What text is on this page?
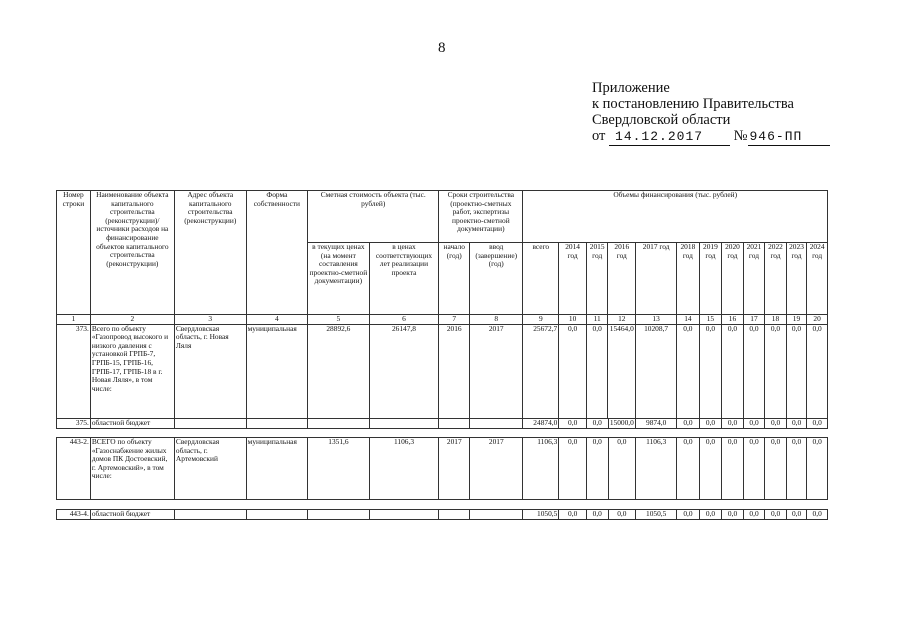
8
Приложение
к постановлению Правительства
Свердловской области
от 14.12.2017 № 946-ПП
Номер строки	Наименование объекта капитального строительства (реконструкции)/ источники расходов на финансирование объектов капитального строительства (реконструкции)	Адрес объекта капитального строительства (реконструкции)	Форма собственности	Сметная стоимость объекта (тыс. рублей)		Сроки строительства (проектно-сметных работ, экспертизы проектно-сметной документации)		Объемы финансирования (тыс. рублей)											
				в текущих ценах (на момент составления проектно-сметной документации)	в ценах соответствующих лет реализации проекта	начало (год)	ввод (завершение) (год)	всего	2014 год	2015 год	2016 год	2017 год	2018 год	2019 год	2020 год	2021 год	2022 год	2023 год	2024 год
1	2	3	4	5	6	7	8	9	10	11	12	13	14	15	16	17	18	19	20
373.	Всего по объекту «Газопровод высокого и низкого давления с установкой ГРПБ-7, ГРПБ-15, ГРПБ-16, ГРПБ-17, ГРПБ-18 в г. Новая Ляля», в том числе:	Свердловская область, г. Новая Ляля	муниципальная	28892,6	26147,8	2016	2017	25672,7	0,0	0,0	15464,0	10208,7	0,0	0,0	0,0	0,0	0,0	0,0	0,0
375.	областной бюджет							24874,0	0,0	0,0	15000,0	9874,0	0,0	0,0	0,0	0,0	0,0	0,0	0,0
443-2.	ВСЕГО по объекту «Газоснабжение жилых домов ПК Достоевский, г. Артемовский», в том числе:	Свердловская область, г. Артемовский	муниципальная	1351,6	1106,3	2017	2017	1106,3	0,0	0,0	0,0	1106,3	0,0	0,0	0,0	0,0	0,0	0,0	0,0
443-4.	областной бюджет							1050,5	0,0	0,0	0,0	1050,5	0,0	0,0	0,0	0,0	0,0	0,0	0,0
